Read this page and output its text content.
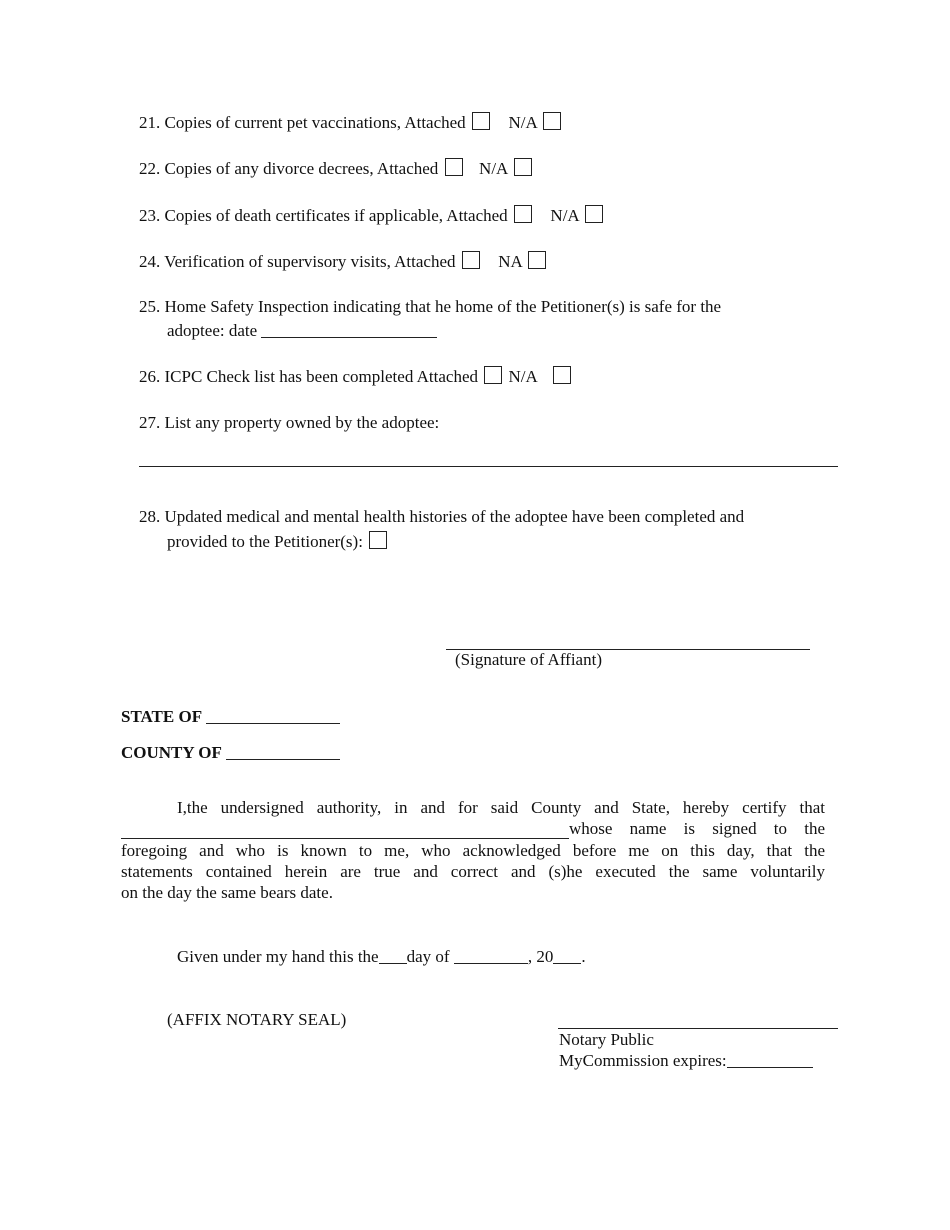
21. Copies of current pet vaccinations, Attached	N/A
22. Copies of any divorce decrees, Attached N/A
23. Copies of death certificates if applicable, Attached	N/A
24. Verification of supervisory visits, Attached	NA
25. Home Safety Inspection indicating that he home of the Petitioner(s) is safe for the
adoptee: date
26. ICPC Check list has been completed Attached N/A
27. List any property owned by the adoptee:
28. Updated medical and mental health histories of the adoptee have been completed and
provided to the Petitioner(s):
(Signature of Affiant)
STATE OF
COUNTY OF
I,the undersigned authority, in and for said County and State, hereby certify that
whose name is signed to the
foregoing and who is known to me, who acknowledged before me on this day, that the
statements contained herein are true and correct and (s)he executed the same voluntarily
on the day the same bears date.
Given under my hand this the day of	, 20 .
(AFFIX NOTARY SEAL)
Notary Public
MyCommission expires:
